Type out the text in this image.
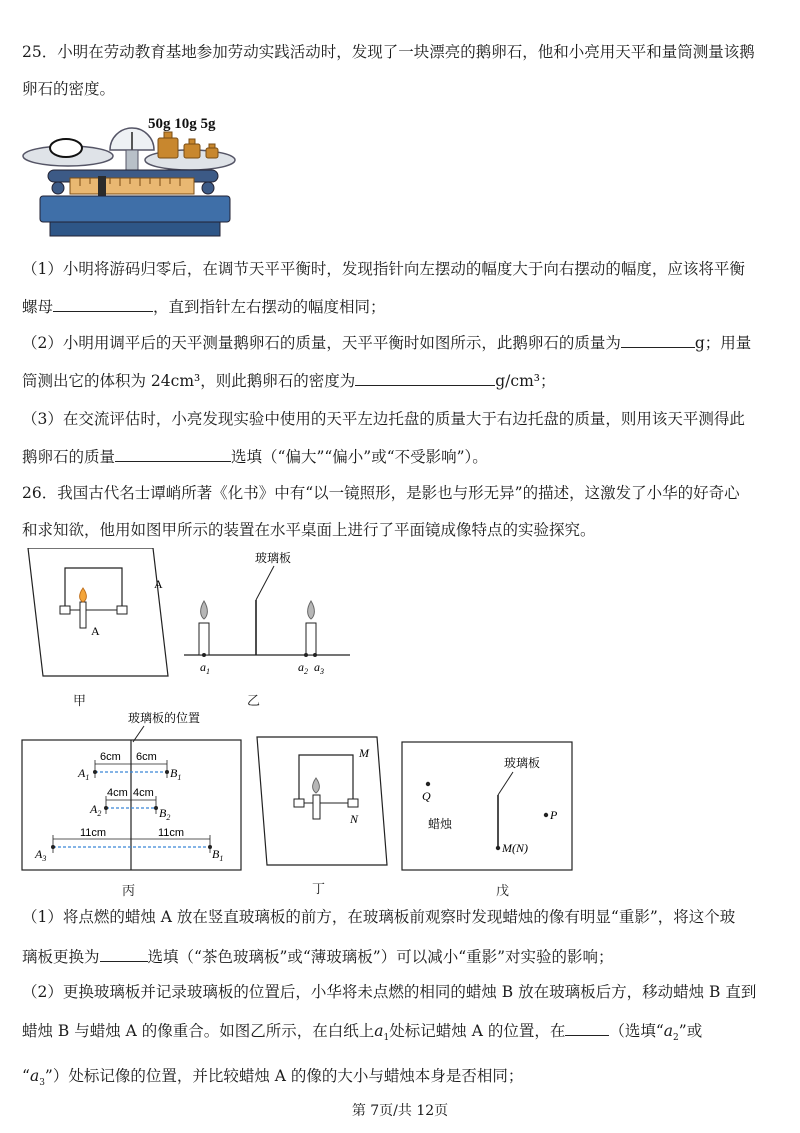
25．小明在劳动教育基地参加劳动实践活动时，发现了一块漂亮的鹅卵石，他和小亮用天平和量筒测量该鹅
卵石的密度。
50g 10g 5g
（1）小明将游码归零后，在调节天平平衡时，发现指针向左摆动的幅度大于向右摆动的幅度，应该将平衡
螺母	，直到指针左右摆动的幅度相同；
（2）小明用调平后的天平测量鹅卵石的质量，天平平衡时如图所示，此鹅卵石的质量为	g；用量
筒测出它的体积为 24cm³，则此鹅卵石的密度为	g/cm³；
（3）在交流评估时，小亮发现实验中使用的天平左边托盘的质量大于右边托盘的质量，则用该天平测得此
鹅卵石的质量	选填（“偏大”“偏小”或“不受影响”）。
26．我国古代名士谭峭所著《化书》中有“以一镜照形，是影也与形无异”的描述，这激发了小华的好奇心
和求知欲，他用如图甲所示的装置在水平桌面上进行了平面镜成像特点的实验探究。
A
A
甲
玻璃板
$a_1$	$a_2$ $a_3$
乙
玻璃板的位置
6cm 6cm
$A_1$	$B_1$
4cm 4cm
$A_2$	$B_2$
11cm	11cm
$A_3$	$B_1$
丙
M
N
丁
玻璃板
M(N)
Q
P
蜡烛
戊
（1）将点燃的蜡烛 A 放在竖直玻璃板的前方，在玻璃板前观察时发现蜡烛的像有明显“重影”，将这个玻
璃板更换为	选填（“茶色玻璃板”或“薄玻璃板”）可以减小“重影”对实验的影响；
（2）更换玻璃板并记录玻璃板的位置后，小华将未点燃的相同的蜡烛 B 放在玻璃板后方，移动蜡烛 B 直到
蜡烛 B 与蜡烛 A 的像重合。如图乙所示，在白纸上$a_1$处标记蜡烛 A 的位置，在	（选填“$a_2$”或
“$a_3$”）处标记像的位置，并比较蜡烛 A 的像的大小与蜡烛本身是否相同；
第 7页/共 12页
